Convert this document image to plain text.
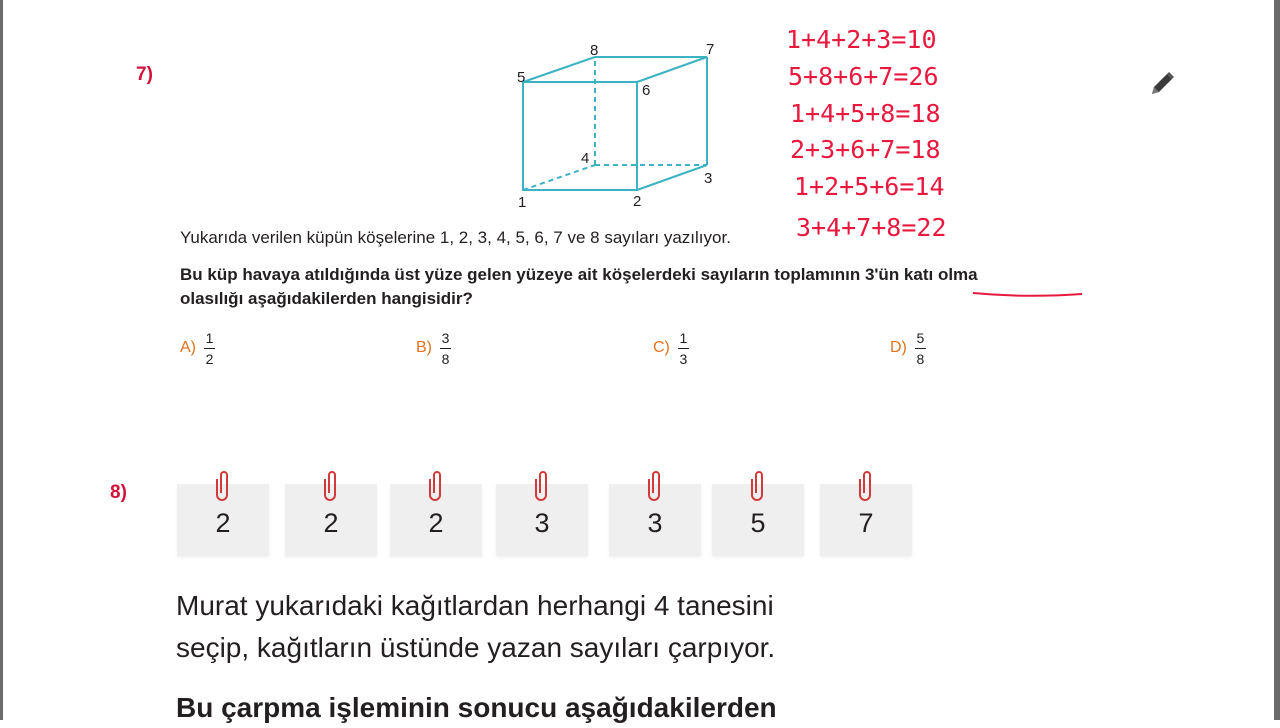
7)
1	2
3
4
5
6
7
8	1+4+2+3=10
5+8+6+7=26
1+4+5+8=18
2+3+6+7=18
1+2+5+6=14
3+4+7+8=22
Yukarıda verilen küpün köşelerine 1, 2, 3, 4, 5, 6, 7 ve 8 sayıları yazılıyor.
Bu küp havaya atıldığında üst yüze gelen yüzeye ait köşelerdeki sayıların toplamının 3'ün katı olma
olasılığı aşağıdakilerden hangisidir?
$A) \frac{1}{2}$	$B) \frac{3}{8}$	$C) \frac{1}{3}$	$D) \frac{5}{8}$
8)
2	2	2	3	3	5	7
Murat yukarıdaki kağıtlardan herhangi 4 tanesini
seçip, kağıtların üstünde yazan sayıları çarpıyor.
Bu çarpma işleminin sonucu aşağıdakilerden
